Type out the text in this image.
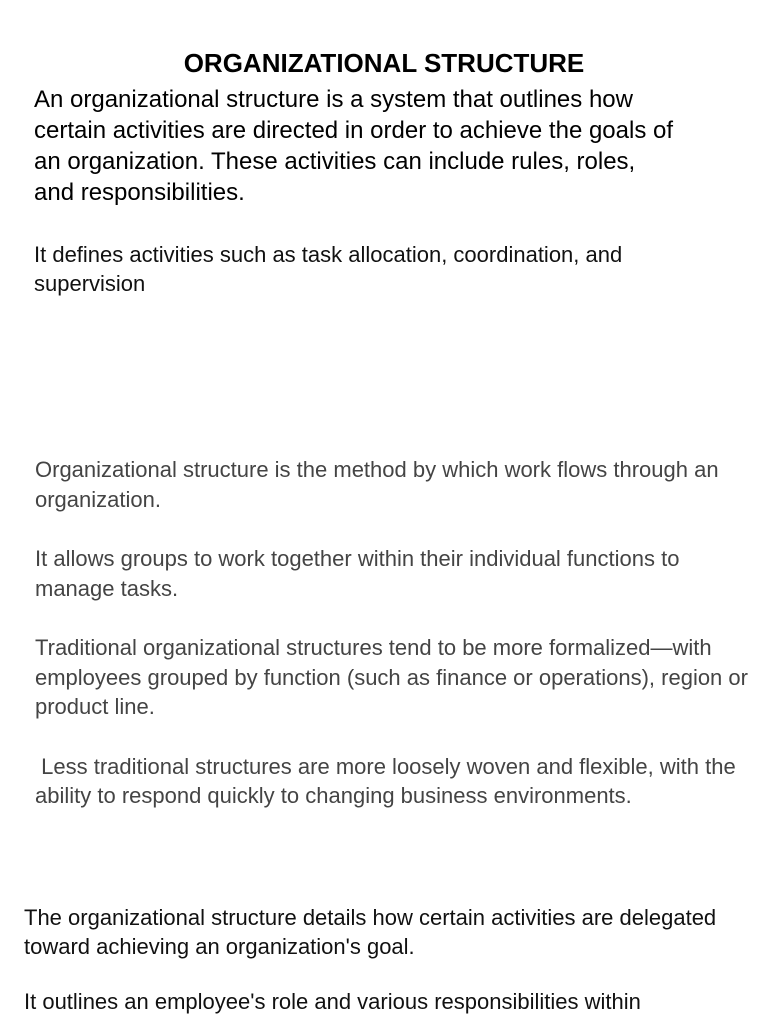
ORGANIZATIONAL STRUCTURE

An organizational structure is a system that outlines how certain activities are directed in order to achieve the goals of an organization. These activities can include rules, roles, and responsibilities.

It defines activities such as task allocation, coordination, and supervision

Organizational structure is the method by which work flows through an organization.

It allows groups to work together within their individual functions to manage tasks.

Traditional organizational structures tend to be more formalized—with employees grouped by function (such as finance or operations), region or product line.

Less traditional structures are more loosely woven and flexible, with the ability to respond quickly to changing business environments.

The organizational structure details how certain activities are delegated toward achieving an organization's goal.

It outlines an employee's role and various responsibilities within
